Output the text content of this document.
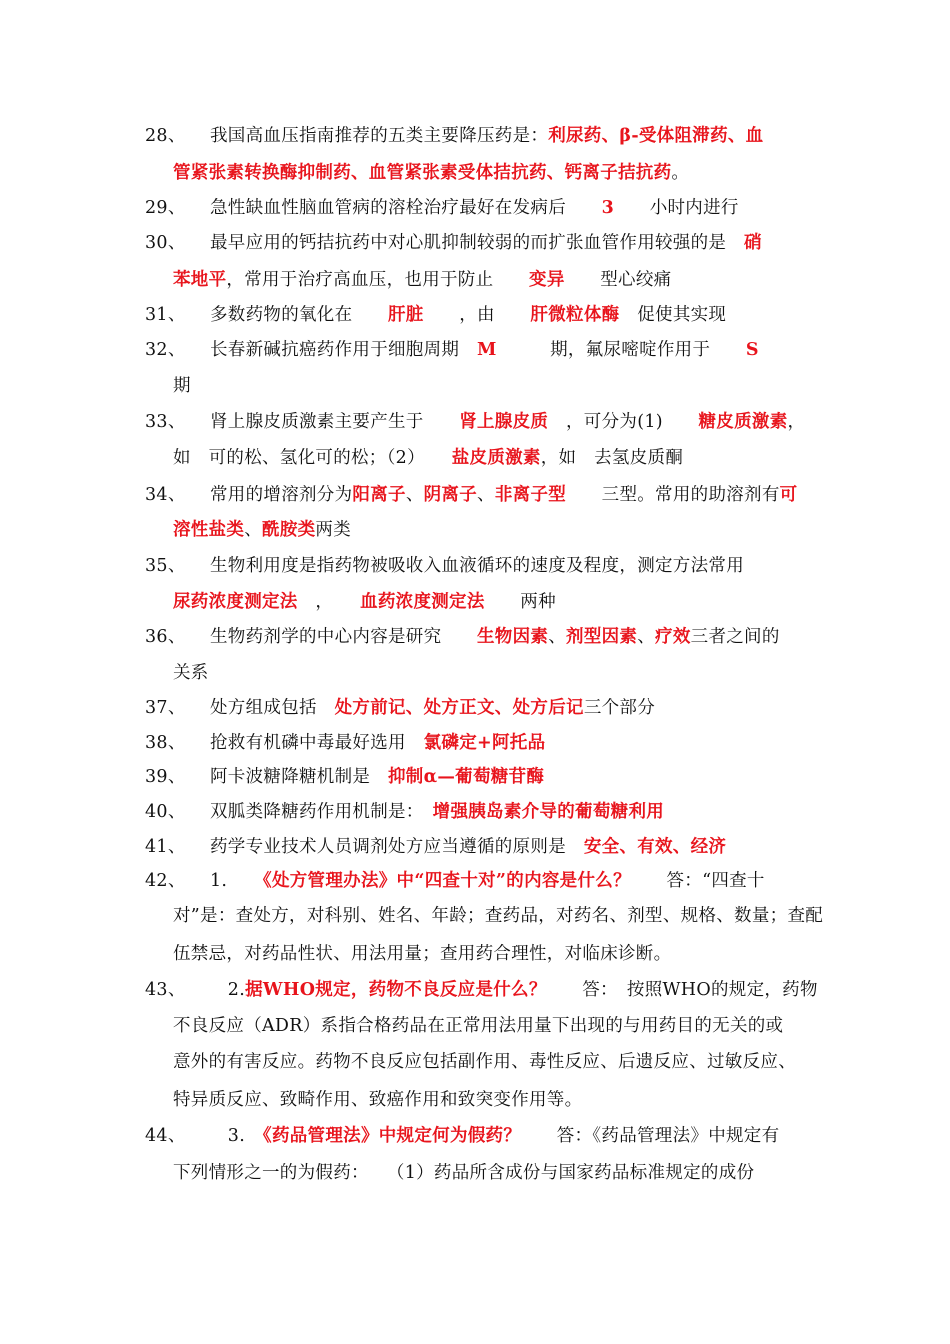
28、 我国高血压指南推荐的五类主要降压药是：利尿药、β-受体阻滞药、血
管紧张素转换酶抑制药、血管紧张素受体拮抗药、钙离子拮抗药。
29、 急性缺血性脑血管病的溶栓治疗最好在发病后　　3　　小时内进行
30、 最早应用的钙拮抗药中对心肌抑制较弱的而扩张血管作用较强的是　硝
苯地平，常用于治疗高血压，也用于防止　　变异　　型心绞痛
31、 多数药物的氧化在　　肝脏　　，由　　肝微粒体酶　促使其实现
32、 长春新碱抗癌药作用于细胞周期　M　　　期，氟尿嘧啶作用于　　S
期
33、 肾上腺皮质激素主要产生于　　肾上腺皮质　，可分为(1)　　糖皮质激素，
如　可的松、氢化可的松；（2）　　盐皮质激素，如　去氢皮质酮
34、 常用的增溶剂分为阳离子、阴离子、非离子型　　三型。常用的助溶剂有可
溶性盐类、酰胺类两类
35、 生物利用度是指药物被吸收入血液循环的速度及程度，测定方法常用
尿药浓度测定法　，　　血药浓度测定法　　两种
36、 生物药剂学的中心内容是研究　　生物因素、剂型因素、疗效三者之间的
关系
37、 处方组成包括　处方前记、处方正文、处方后记三个部分
38、 抢救有机磷中毒最好选用　氯磷定+阿托品
39、 阿卡波糖降糖机制是　抑制α—葡萄糖苷酶
40、 双胍类降糖药作用机制是：　增强胰岛素介导的葡萄糖利用
41、 药学专业技术人员调剂处方应当遵循的原则是　安全、有效、经济
42、 1.　　《处方管理办法》中“四查十对”的内容是什么？　　答：“四查十
对”是：查处方，对科别、姓名、年龄；查药品，对药名、剂型、规格、数量；查配
伍禁忌，对药品性状、用法用量；查用药合理性，对临床诊断。
43、 　2.据WHO规定，药物不良反应是什么？　　答：　按照WHO的规定，药物
不良反应（ADR）系指合格药品在正常用法用量下出现的与用药目的无关的或
意外的有害反应。药物不良反应包括副作用、毒性反应、后遗反应、过敏反应、
特异质反应、致畸作用、致癌作用和致突变作用等。
44、 　3.　《药品管理法》中规定何为假药？　　答：《药品管理法》中规定有
下列情形之一的为假药：　　（1）药品所含成份与国家药品标准规定的成份
